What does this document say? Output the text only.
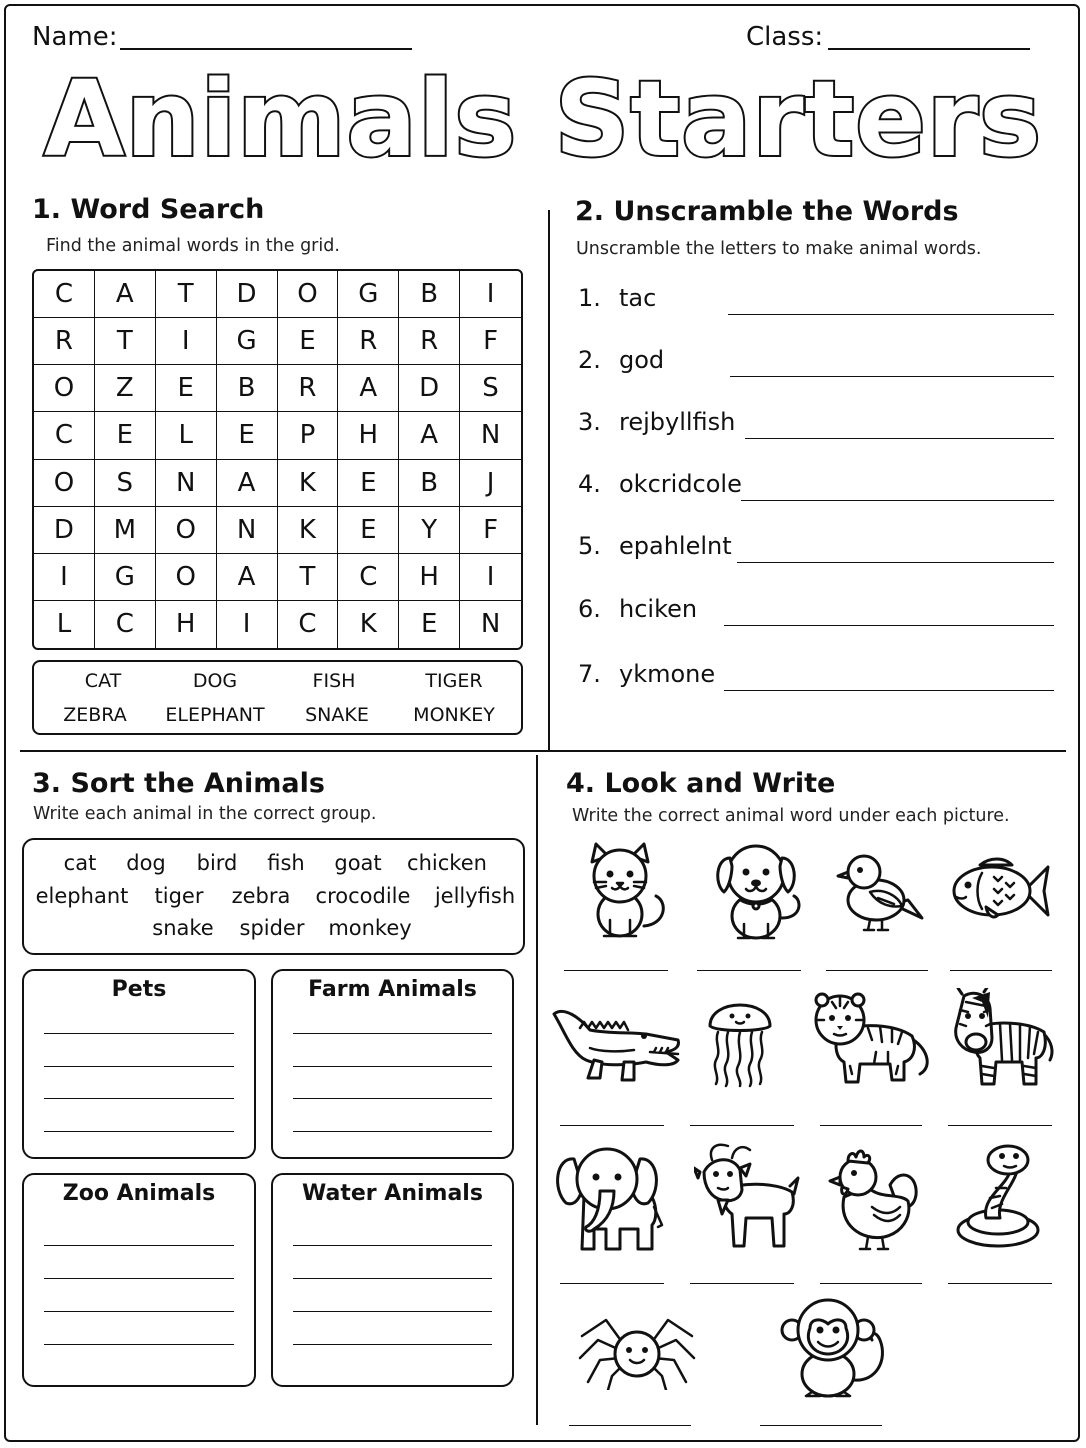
Name:	Class:
Animals Starters
1. Word Search
Find the animal words in the grid.
C	A	T	D	O	G	B	I
R	T	I	G	E	R	R	F
O	Z	E	B	R	A	D	S
C	E	L	E	P	H	A	N
O	S	N	A	K	E	B	J
D	M	O	N	K	E	Y	F
I	G	O	A	T	C	H	I
L	C	H	I	C	K	E	N
CAT	DOG	FISH	TIGER
ZEBRA ELEPHANT SNAKE MONKEY
2. Unscramble the Words
Unscramble the letters to make animal words.
1. tac
2. god
3. rejbyllfish
4. okcridcole
5. epahlelnt
6. hciken
7. ykmone
3. Sort the Animals
Write each animal in the correct group.
cat dog bird fish goat chicken
elephant tiger zebra crocodile jellyfish
snake spider monkey
Pets	Farm Animals
Zoo Animals	Water Animals
4. Look and Write
Write the correct animal word under each picture.
